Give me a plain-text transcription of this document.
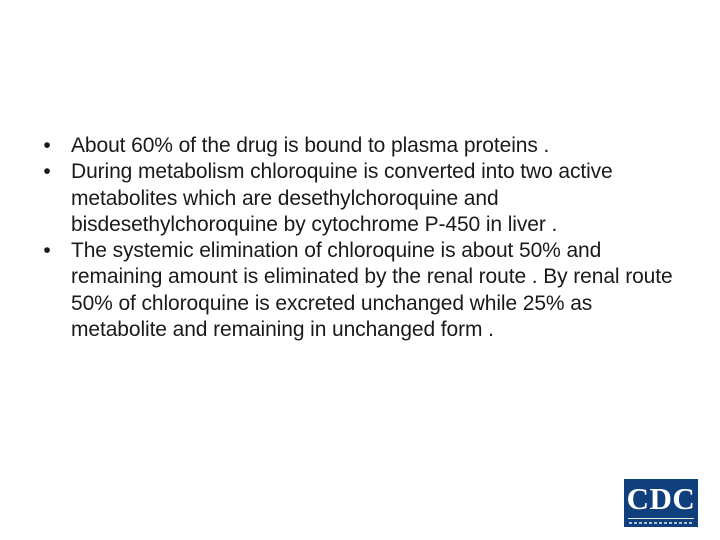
• About 60% of the drug is bound to plasma proteins .
• During metabolism chloroquine is converted into two active metabolites which are desethylchoroquine and bisdesethylchoroquine by cytochrome P-450 in liver .
• The systemic elimination of chloroquine is about 50% and remaining amount is eliminated by the renal route . By renal route 50% of chloroquine is excreted unchanged while 25% as metabolite and remaining in unchanged form .
CDC
